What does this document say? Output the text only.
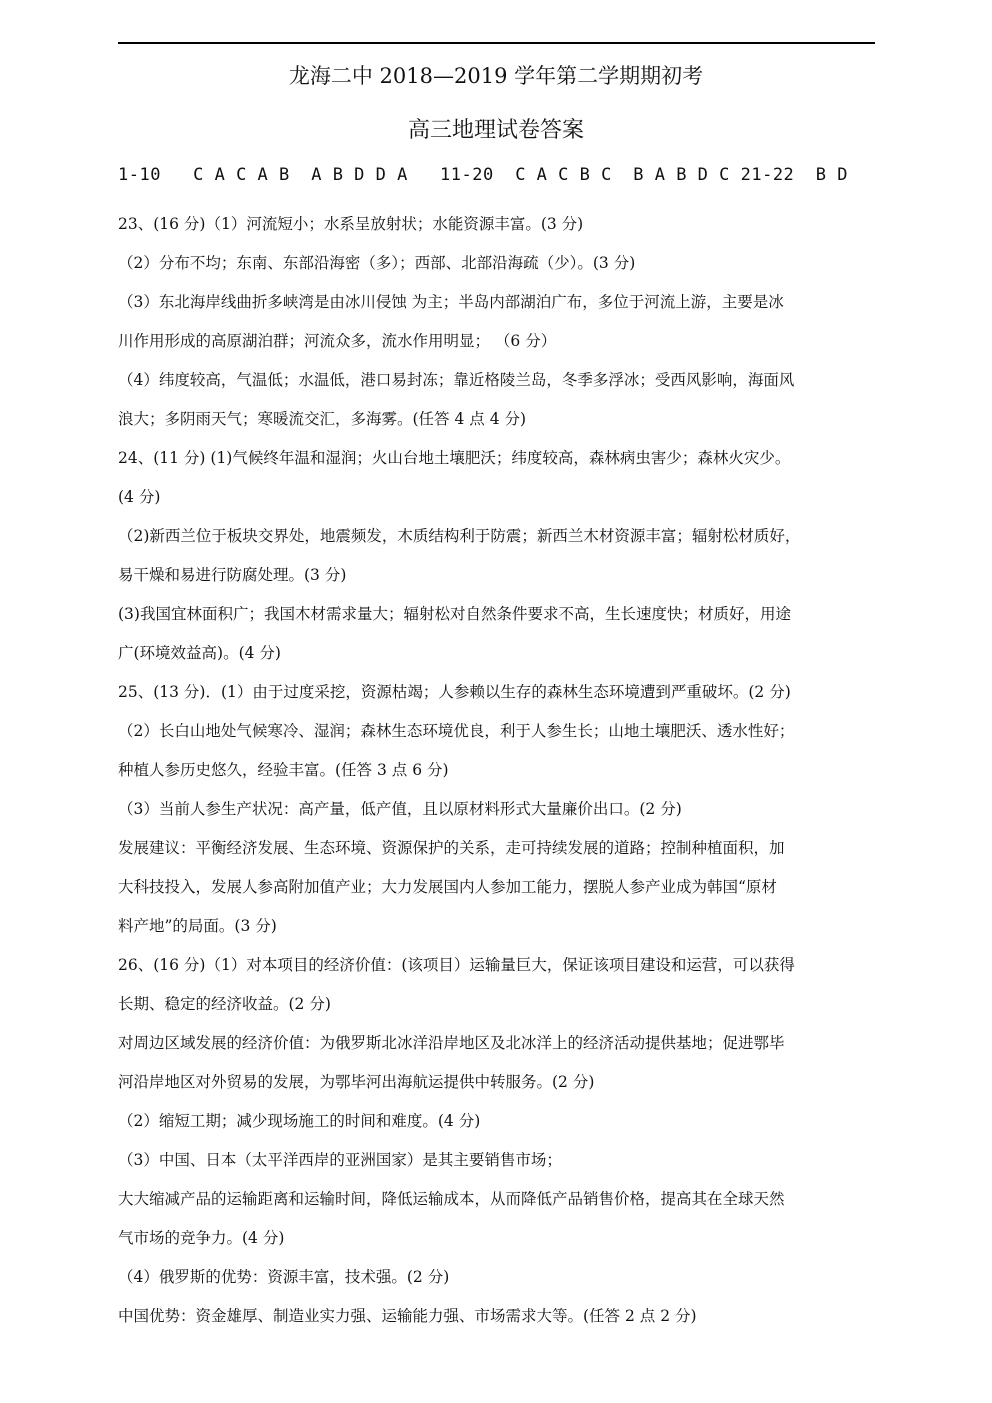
龙海二中 2018—2019 学年第二学期期初考
高三地理试卷答案
1-10   C A C A B  A B D D A   11-20  C A C B C  B A B D C 21-22  B D
23、(16 分)（1）河流短小；水系呈放射状；水能资源丰富。(3 分)
（2）分布不均；东南、东部沿海密（多）；西部、北部沿海疏（少）。(3 分)
（3）东北海岸线曲折多峡湾是由冰川侵蚀 为主；半岛内部湖泊广布，多位于河流上游，主要是冰
川作用形成的高原湖泊群；河流众多，流水作用明显； （6 分）
（4）纬度较高，气温低；水温低，港口易封冻；靠近格陵兰岛，冬季多浮冰；受西风影响，海面风
浪大；多阴雨天气；寒暖流交汇，多海雾。(任答 4 点 4 分)
24、(11 分) (1)气候终年温和湿润；火山台地土壤肥沃；纬度较高，森林病虫害少；森林火灾少。
(4 分)
（2)新西兰位于板块交界处，地震频发，木质结构利于防震；新西兰木材资源丰富；辐射松材质好，
易干燥和易进行防腐处理。(3 分)
(3)我国宜林面积广；我国木材需求量大；辐射松对自然条件要求不高，生长速度快；材质好，用途
广(环境效益高)。(4 分)
25、(13 分)．(1）由于过度采挖，资源枯竭；人参赖以生存的森林生态环境遭到严重破坏。(2 分)
（2）长白山地处气候寒冷、湿润；森林生态环境优良，利于人参生长；山地土壤肥沃、透水性好；
种植人参历史悠久，经验丰富。(任答 3 点 6 分)
（3）当前人参生产状况：高产量，低产值，且以原材料形式大量廉价出口。(2 分)
发展建议：平衡经济发展、生态环境、资源保护的关系，走可持续发展的道路；控制种植面积，加
大科技投入，发展人参高附加值产业；大力发展国内人参加工能力，摆脱人参产业成为韩国“原材
料产地”的局面。(3 分)
26、(16 分)（1）对本项目的经济价值：(该项目）运输量巨大，保证该项目建设和运营，可以获得
长期、稳定的经济收益。(2 分)
对周边区域发展的经济价值：为俄罗斯北冰洋沿岸地区及北冰洋上的经济活动提供基地；促进鄂毕
河沿岸地区对外贸易的发展，为鄂毕河出海航运提供中转服务。(2 分)
（2）缩短工期；减少现场施工的时间和难度。(4 分)
（3）中国、日本（太平洋西岸的亚洲国家）是其主要销售市场；
大大缩减产品的运输距离和运输时间，降低运输成本，从而降低产品销售价格，提高其在全球天然
气市场的竞争力。(4 分)
（4）俄罗斯的优势：资源丰富，技术强。(2 分)
中国优势：资金雄厚、制造业实力强、运输能力强、市场需求大等。(任答 2 点 2 分)
